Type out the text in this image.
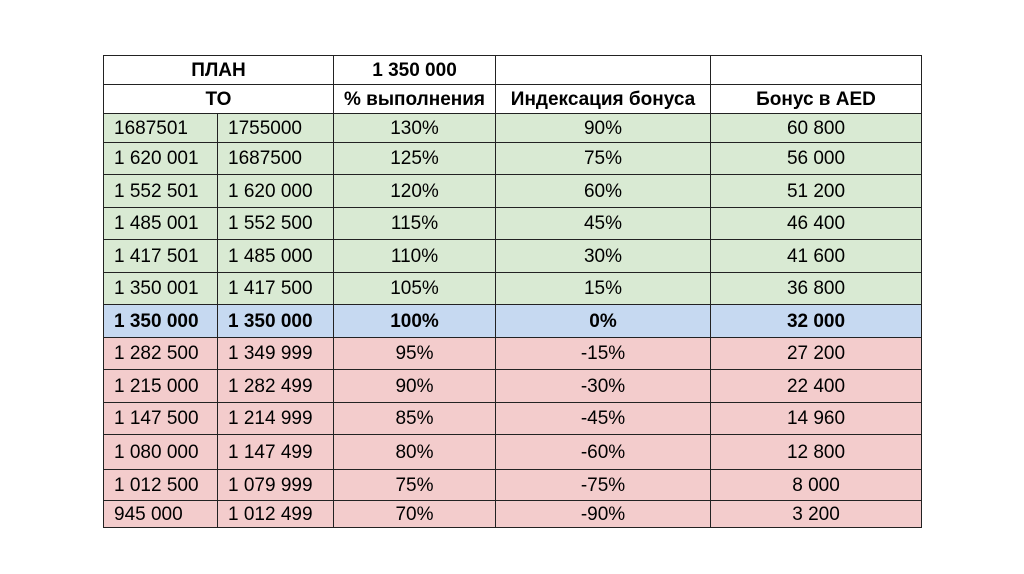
ПЛАН		1 350 000		
ТО		% выполнения	Индексация бонуса	Бонус в AED
1687501	1755000	130%	90%	60 800
1 620 001	1687500	125%	75%	56 000
1 552 501	1 620 000	120%	60%	51 200
1 485 001	1 552 500	115%	45%	46 400
1 417 501	1 485 000	110%	30%	41 600
1 350 001	1 417 500	105%	15%	36 800
1 350 000	1 350 000	100%	0%	32 000
1 282 500	1 349 999	95%	-15%	27 200
1 215 000	1 282 499	90%	-30%	22 400
1 147 500	1 214 999	85%	-45%	14 960
1 080 000	1 147 499	80%	-60%	12 800
1 012 500	1 079 999	75%	-75%	8 000
945 000	1 012 499	70%	-90%	3 200
